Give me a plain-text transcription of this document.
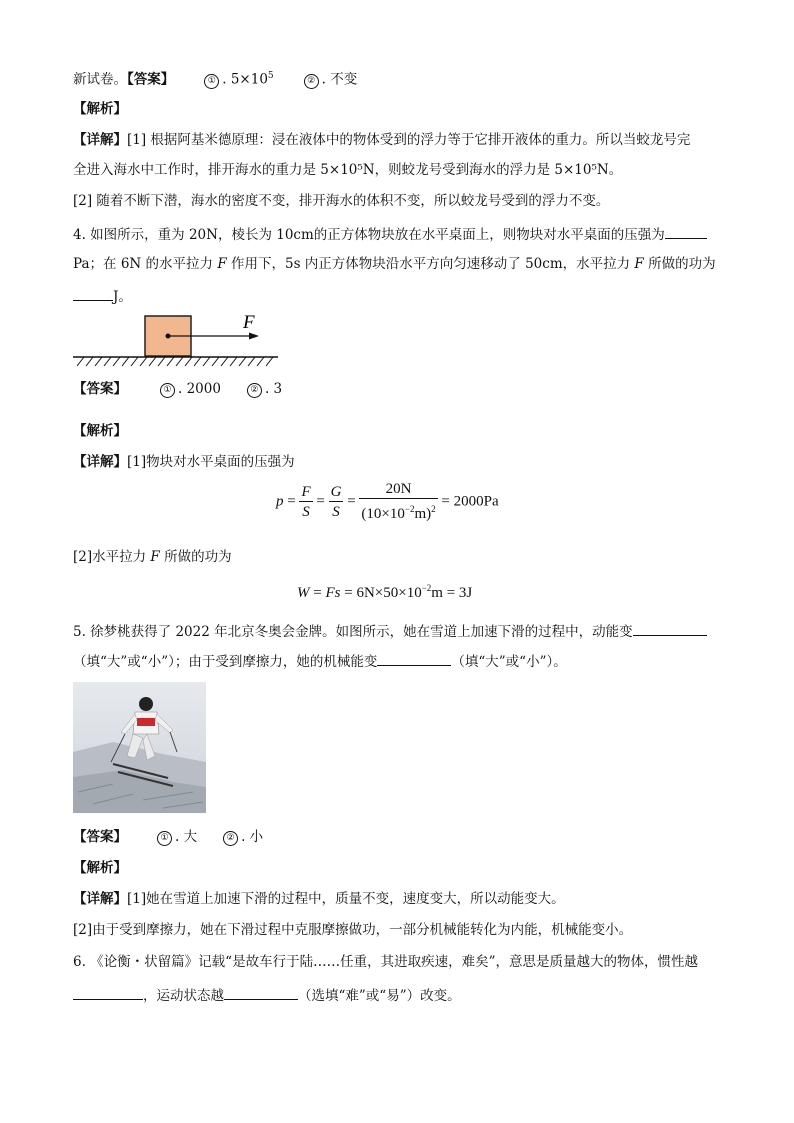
新试卷。【答案】	① . $5\times 10^5$	② . 不变
【解析】
【详解】[1] 根据阿基米德原理：浸在液体中的物体受到的浮力等于它排开液体的重力。所以当蛟龙号完
全进入海水中工作时，排开海水的重力是 5×10⁵N，则蛟龙号受到海水的浮力是 5×10⁵N。
[2] 随着不断下潜，海水的密度不变，排开海水的体积不变，所以蛟龙号受到的浮力不变。
4. 如图所示，重为 20N，棱长为 10cm的正方体物块放在水平桌面上，则物块对水平桌面的压强为
Pa；在 6N 的水平拉力 F 作用下，5s 内正方体物块沿水平方向匀速移动了 50cm，水平拉力 F 所做的功为
J。
F
【答案】	① . 2000	② . 3
【解析】
【详解】[1]物块对水平桌面的压强为
$p = \frac{F}{S} = \frac{G}{S} = \frac{20N}{(10\times 10^{-2}m)^2} = 2000Pa$
[2]水平拉力 F 所做的功为
$W = Fs = 6N\times 50\times 10^{-2}m = 3J$
5. 徐梦桃获得了 2022 年北京冬奥会金牌。如图所示，她在雪道上加速下滑的过程中，动能变
（填“大”或“小”）；由于受到摩擦力，她的机械能变	（填“大”或“小”）。
【答案】	① . 大	② . 小
【解析】
【详解】[1]她在雪道上加速下滑的过程中，质量不变，速度变大，所以动能变大。
[2]由于受到摩擦力，她在下滑过程中克服摩擦做功，一部分机械能转化为内能，机械能变小。
6. 《论衡・状留篇》记载“是故车行于陆……任重，其进取疾速，难矣”，意思是质量越大的物体，惯性越
，运动状态越	（选填“难”或“易”）改变。
